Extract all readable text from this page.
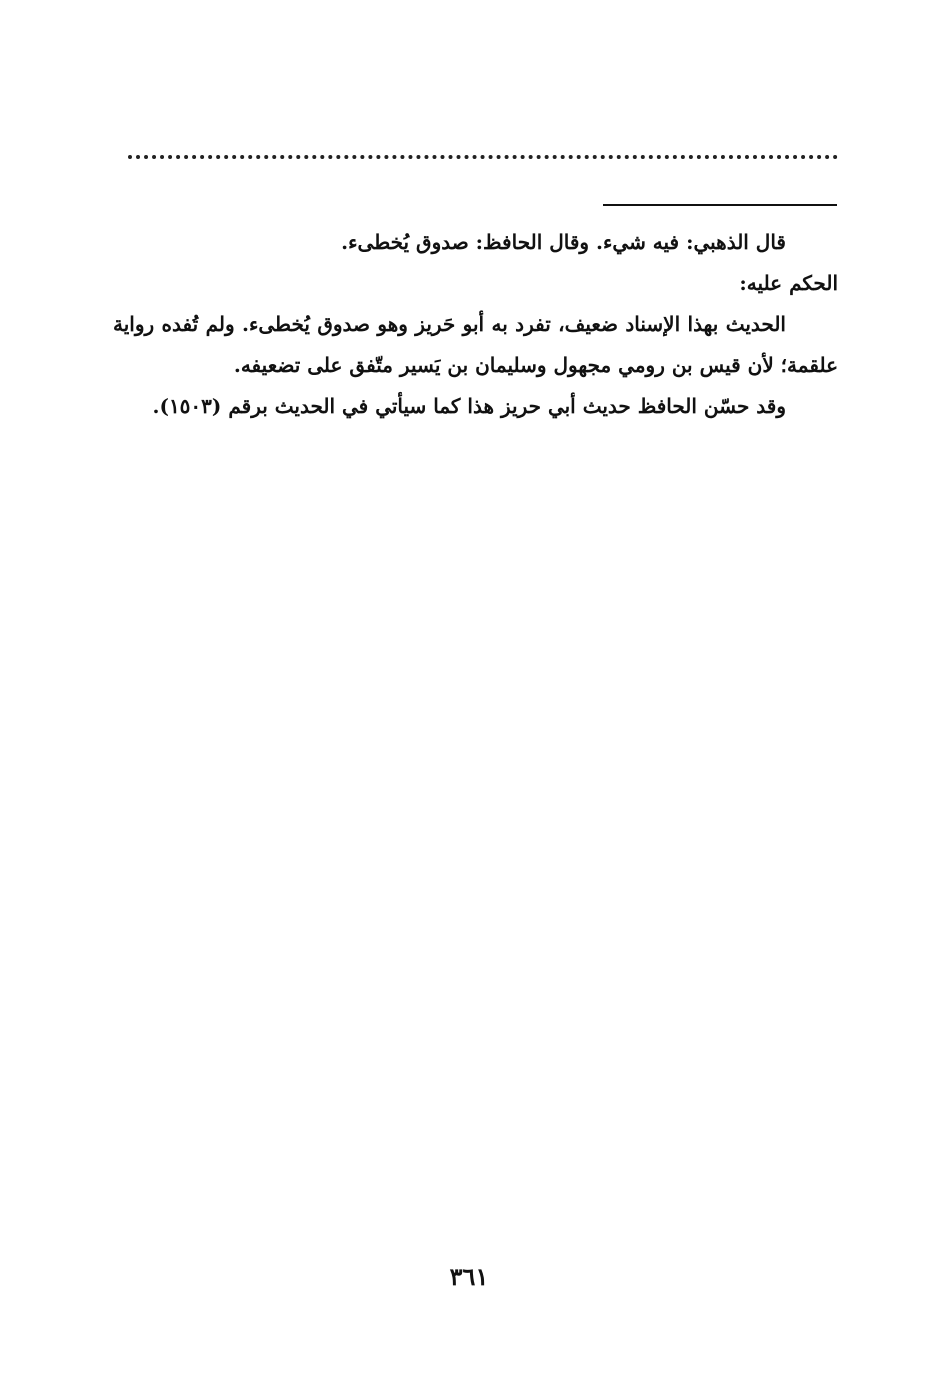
قال الذهبي: فيه شيء. وقال الحافظ: صدوق يُخطىء.

الحكم عليه:

الحديث بهذا الإسناد ضعيف، تفرد به أبو حَريز وهو صدوق يُخطىء. ولم تُفده رواية علقمة؛ لأن قيس بن رومي مجهول وسليمان بن يَسير متّفق على تضعيفه.

وقد حسّن الحافظ حديث أبي حريز هذا كما سيأتي في الحديث برقم (١٥٠٣).

٣٦١
